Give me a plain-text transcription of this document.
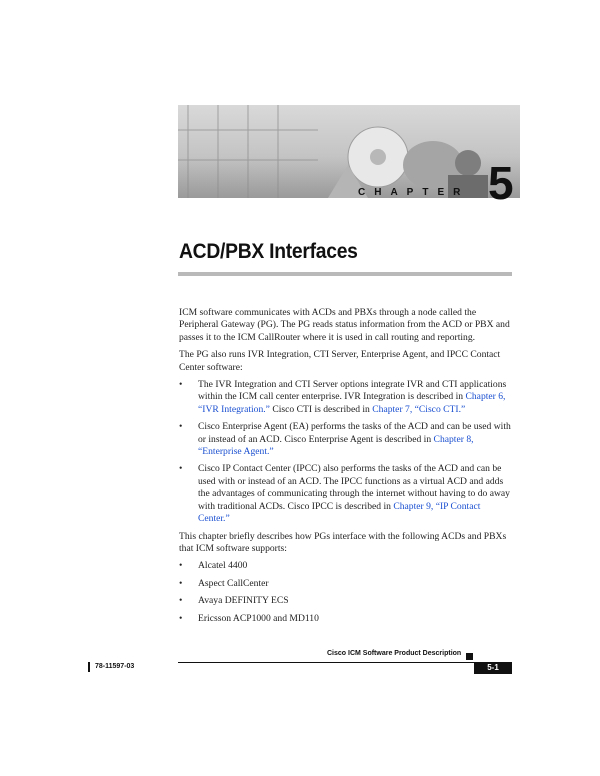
CHAPTER 5
ACD/PBX Interfaces

ICM software communicates with ACDs and PBXs through a node called the Peripheral Gateway (PG). The PG reads status information from the ACD or PBX and passes it to the ICM CallRouter where it is used in call routing and reporting.

The PG also runs IVR Integration, CTI Server, Enterprise Agent, and IPCC Contact Center software:

• The IVR Integration and CTI Server options integrate IVR and CTI applications within the ICM call center enterprise. IVR Integration is described in Chapter 6, “IVR Integration.” Cisco CTI is described in Chapter 7, “Cisco CTI.”
• Cisco Enterprise Agent (EA) performs the tasks of the ACD and can be used with or instead of an ACD. Cisco Enterprise Agent is described in Chapter 8, “Enterprise Agent.”
• Cisco IP Contact Center (IPCC) also performs the tasks of the ACD and can be used with or instead of an ACD. The IPCC functions as a virtual ACD and adds the advantages of communicating through the internet without having to do away with traditional ACDs. Cisco IPCC is described in Chapter 9, “IP Contact Center.”

This chapter briefly describes how PGs interface with the following ACDs and PBXs that ICM software supports:

• Alcatel 4400
• Aspect CallCenter
• Avaya DEFINITY ECS
• Ericsson ACP1000 and MD110
Cisco ICM Software Product Description
78-11597-03	5-1
